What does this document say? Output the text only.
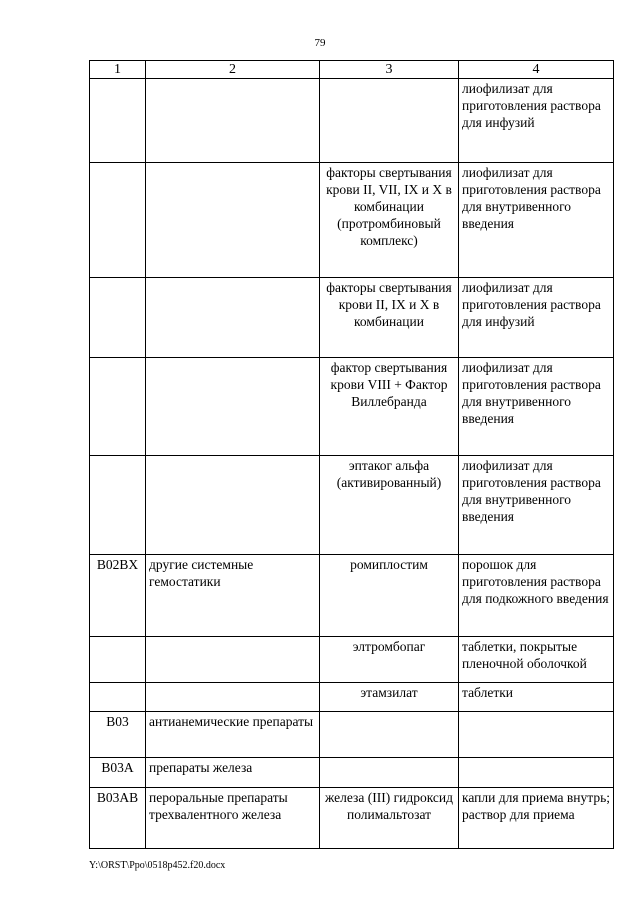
79
1	2	3	4
			лиофилизат для приготовления раствора для инфузий
		факторы свертывания крови II, VII, IX и X в комбинации (протромбиновый комплекс)	лиофилизат для приготовления раствора для внутривенного введения
		факторы свертывания крови II, IX и X в комбинации	лиофилизат для приготовления раствора для инфузий
		фактор свертывания крови VIII + Фактор Виллебранда	лиофилизат для приготовления раствора для внутривенного введения
		эптаког альфа (активированный)	лиофилизат для приготовления раствора для внутривенного введения
B02BX	другие системные гемостатики	ромиплостим	порошок для приготовления раствора для подкожного введения
		элтромбопаг	таблетки, покрытые пленочной оболочкой
		этамзилат	таблетки
B03	антианемические препараты		
B03A	препараты железа		
B03AB	пероральные препараты трехвалентного железа	железа (III) гидроксид полимальтозат	капли для приема внутрь;
раствор для приема
Y:\ORST\Ppo\0518p452.f20.docx
